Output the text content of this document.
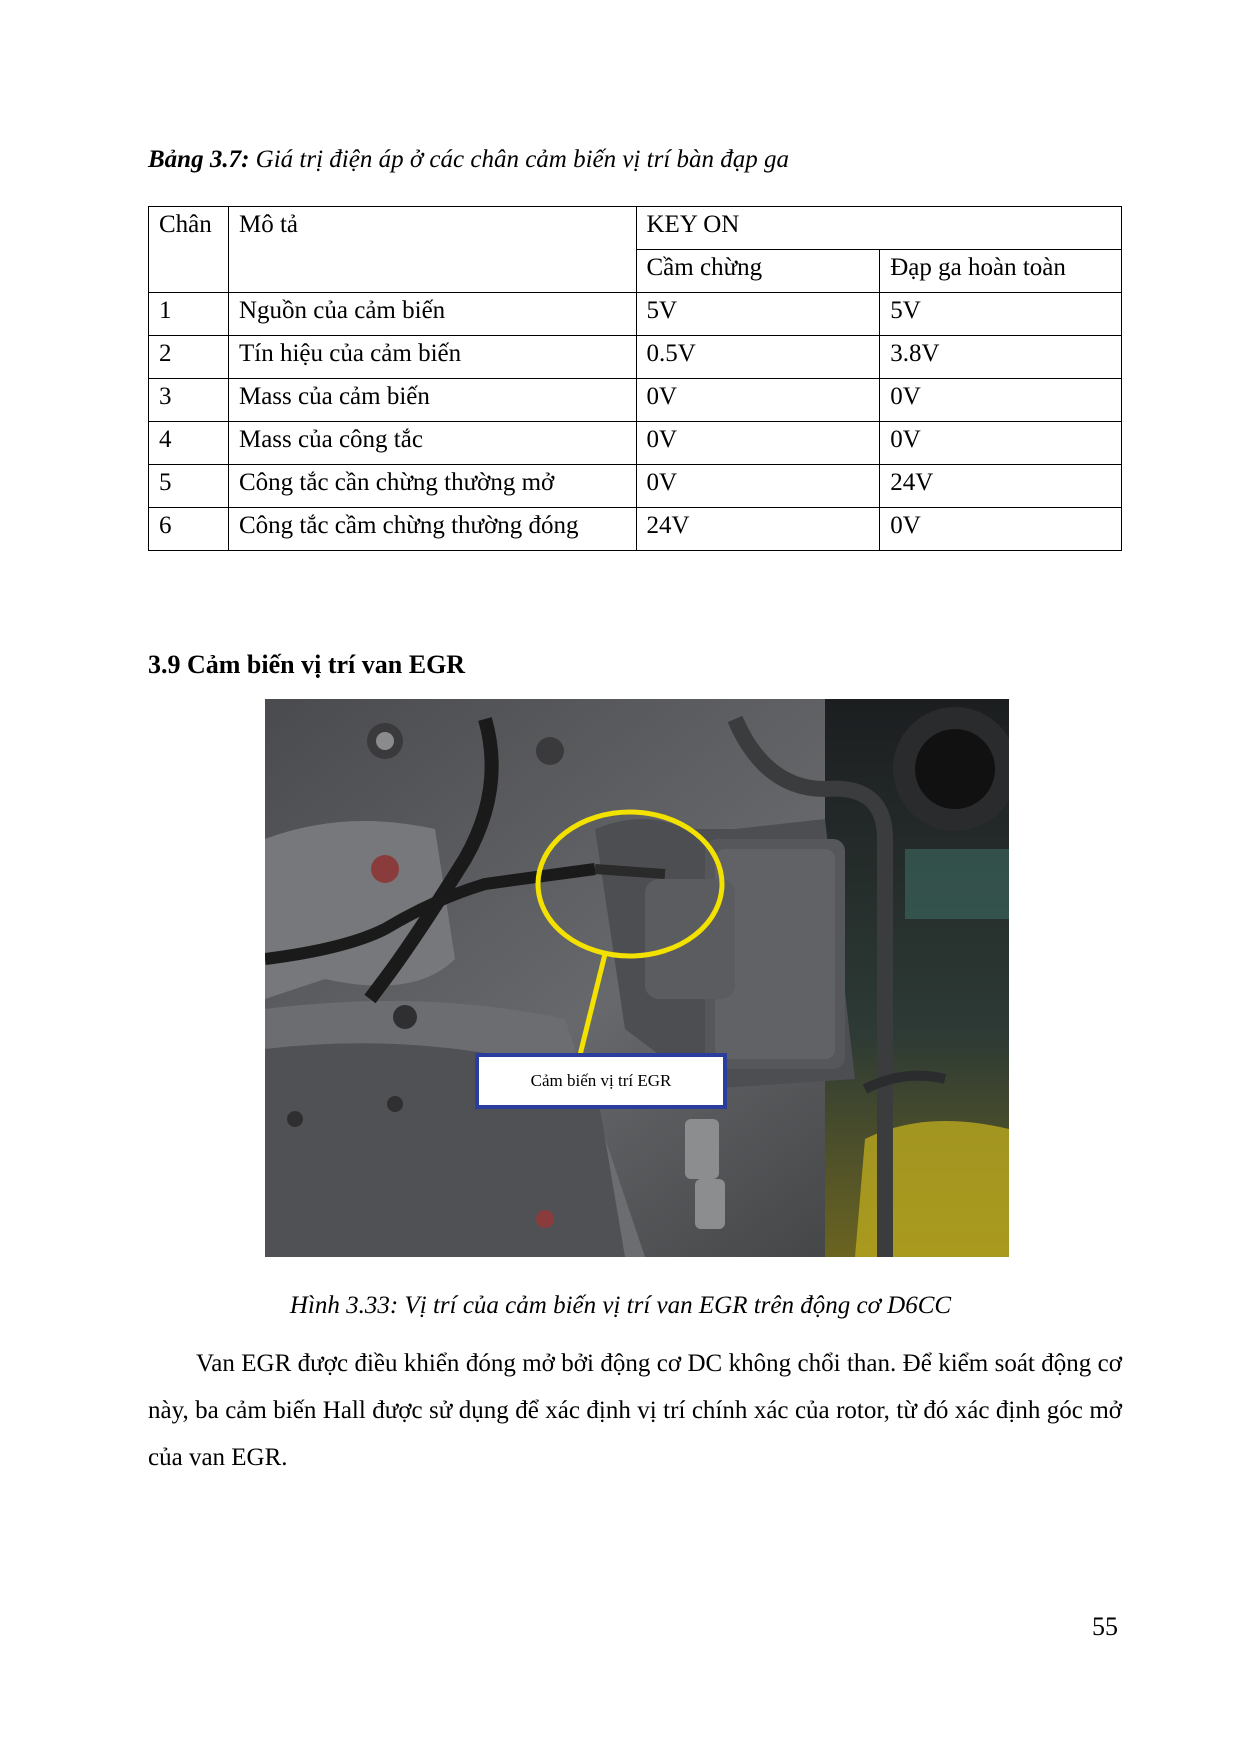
Bảng 3.7: Giá trị điện áp ở các chân cảm biến vị trí bàn đạp ga
Chân	Mô tả	KEY ON	
		Cầm chừng	Đạp ga hoàn toàn
1	Nguồn của cảm biến	5V	5V
2	Tín hiệu của cảm biến	0.5V	3.8V
3	Mass của cảm biến	0V	0V
4	Mass của công tắc	0V	0V
5	Công tắc cần chừng thường mở	0V	24V
6	Công tắc cầm chừng thường đóng	24V	0V
3.9 Cảm biến vị trí van EGR
Cảm biến vị trí EGR
Hình 3.33: Vị trí của cảm biến vị trí van EGR trên động cơ D6CC

Van EGR được điều khiển đóng mở bởi động cơ DC không chổi than. Để kiểm soát động cơ này, ba cảm biến Hall được sử dụng để xác định vị trí chính xác của rotor, từ đó xác định góc mở của van EGR.

55
